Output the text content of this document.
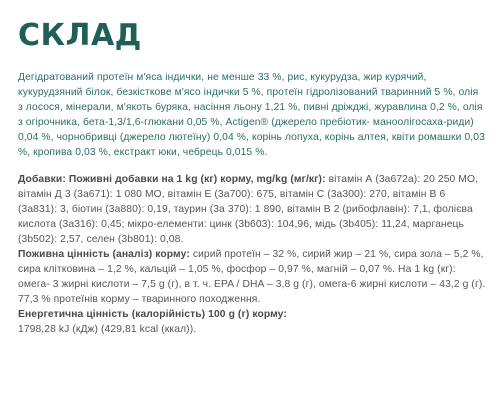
СКЛАД

Дегідратований протеїн м'яса індички, не менше 33 %, рис, кукурудза, жир курячий, кукурудзяний білок, безкісткове м'ясо індички 5 %, протеїн гідролізований тваринний 5 %, олія з лосося, мінерали, м'якоть буряка, насіння льону 1,21 %, пивні дріжджі, журавлина 0,2 %, олія з огірочника, бета-1,3/1,6-глюкани 0,05 %, Actigen® (джерело пребіотик- маноолігосаха-риди) 0,04 %, чорнобривці (джерело лютеїну) 0,04 %, корінь лопуха, корінь алтея, квіти ромашки 0,03 %, кропива 0,03 %, екстракт юки, чебрець 0,015 %.

Добавки: Поживні добавки на 1 kg (кг) корму, mg/kg (мг/кг): вітамін А (3а672а): 20 250 МО, вітамін Д 3 (3а671): 1 080 МО, вітамін Е (3а700): 675, вітамін С (3а300): 270, вітамін В 6 (3а831): 3, біотин (3а880): 0,19, таурин (3а 370): 1 890, вітамін В 2 (рибофлавін): 7,1, фолієва кислота (3а316): 0,45; мікро-елементи: цинк (3b603): 104,96, мідь (3b405): 11,24, марганець (3b502): 2,57, селен (3b801): 0,08.

Поживна цінність (аналіз) корму: сирий протеїн – 32 %, сирий жир – 21 %, сира зола – 5,2 %, сира клітковина – 1,2 %, кальцій – 1,05 %, фосфор – 0,97 %, магній – 0,07 %. На 1 kg (кг): омега- 3 жирні кислоти – 7,5 g (г), в т. ч. EPA / DHA – 3,8 g (г), омега-6 жирні кислоти – 43,2 g (г).

77,3 % протеїнів корму – тваринного походження.

Енергетична цінність (калорійність) 100 g (г) корму:

1798,28 kJ (кДж) (429,81 kcal (ккал)).
